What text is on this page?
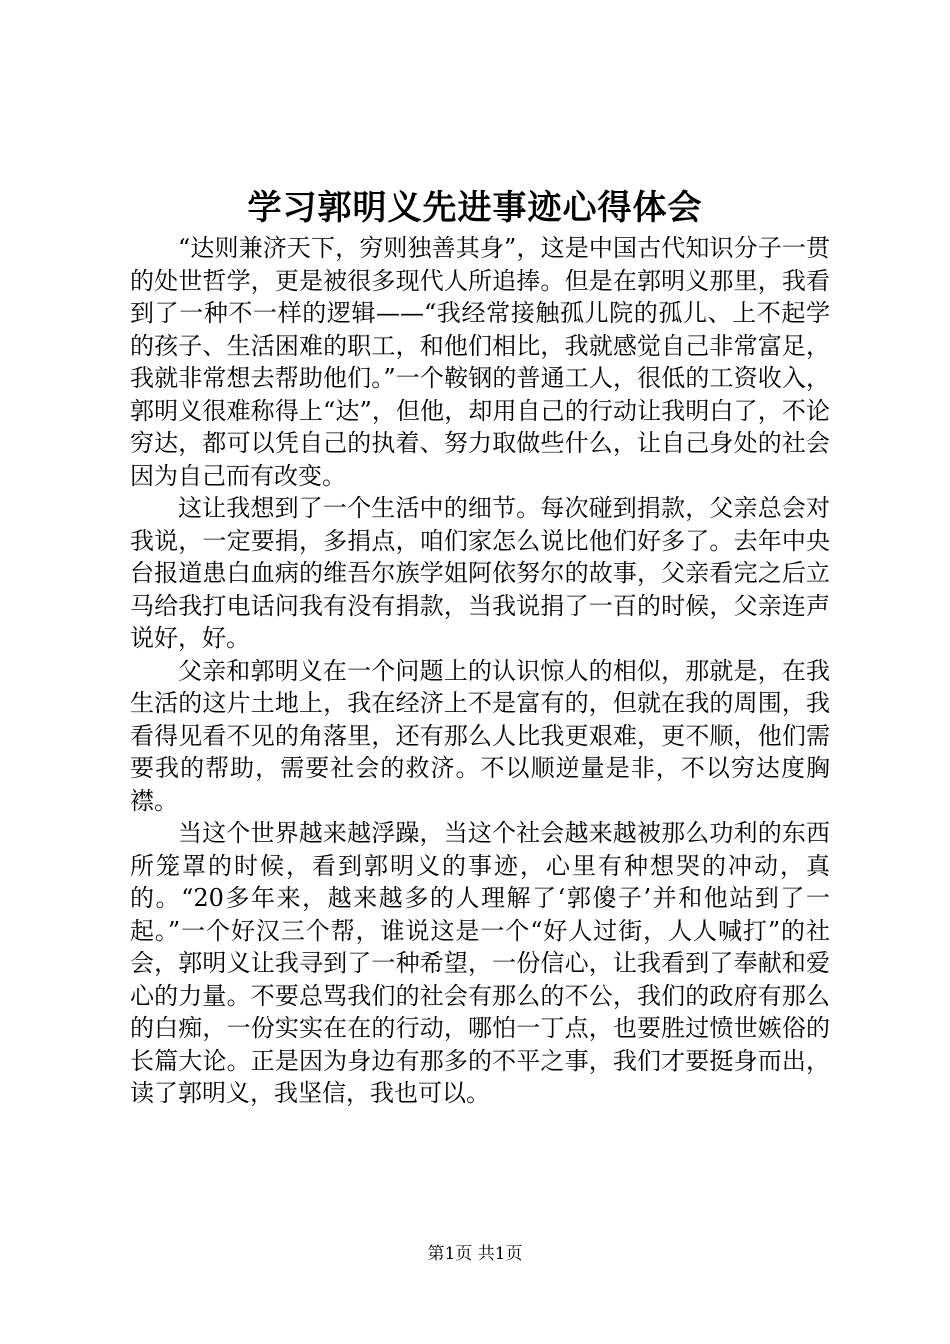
学习郭明义先进事迹心得体会

“达则兼济天下，穷则独善其身”，这是中国古代知识分子一贯的处世哲学，更是被很多现代人所追捧。但是在郭明义那里，我看到了一种不一样的逻辑——“我经常接触孤儿院的孤儿、上不起学的孩子、生活困难的职工，和他们相比，我就感觉自己非常富足，我就非常想去帮助他们。”一个鞍钢的普通工人，很低的工资收入，郭明义很难称得上“达”，但他，却用自己的行动让我明白了，不论穷达，都可以凭自己的执着、努力取做些什么，让自己身处的社会因为自己而有改变。

这让我想到了一个生活中的细节。每次碰到捐款，父亲总会对我说，一定要捐，多捐点，咱们家怎么说比他们好多了。去年中央台报道患白血病的维吾尔族学姐阿依努尔的故事，父亲看完之后立马给我打电话问我有没有捐款，当我说捐了一百的时候，父亲连声说好，好。

父亲和郭明义在一个问题上的认识惊人的相似，那就是，在我生活的这片土地上，我在经济上不是富有的，但就在我的周围，我看得见看不见的角落里，还有那么人比我更艰难，更不顺，他们需要我的帮助，需要社会的救济。不以顺逆量是非，不以穷达度胸襟。

当这个世界越来越浮躁，当这个社会越来越被那么功利的东西所笼罩的时候，看到郭明义的事迹，心里有种想哭的冲动，真的。“20多年来，越来越多的人理解了‘郭傻子’并和他站到了一起。”一个好汉三个帮，谁说这是一个“好人过街，人人喊打”的社会，郭明义让我寻到了一种希望，一份信心，让我看到了奉献和爱心的力量。不要总骂我们的社会有那么的不公，我们的政府有那么的白痴，一份实实在在的行动，哪怕一丁点，也要胜过愤世嫉俗的长篇大论。正是因为身边有那多的不平之事，我们才要挺身而出，读了郭明义，我坚信，我也可以。

第1页 共1页
